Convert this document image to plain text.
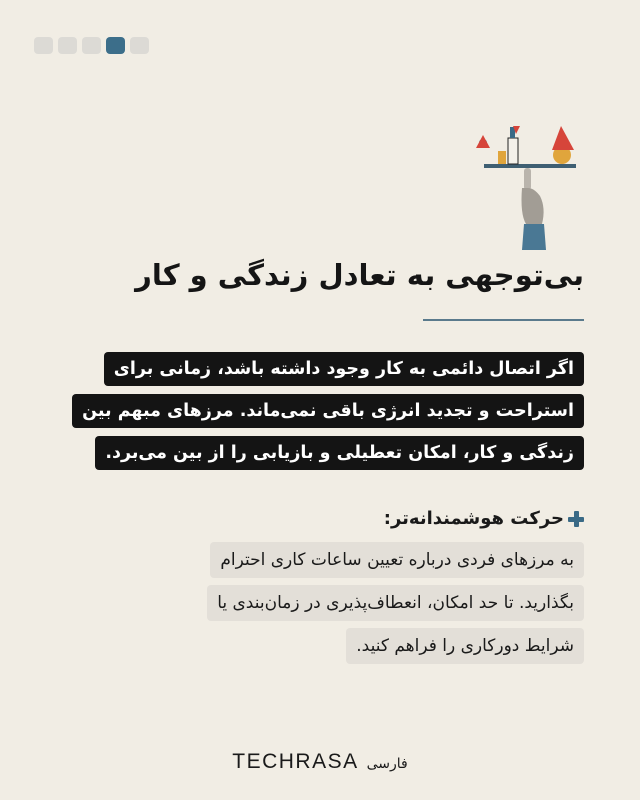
بی‌توجهی به تعادل زندگی و کار
اگر اتصال دائمی به کار وجود داشته باشد، زمانی برای
استراحت و تجدید انرژی باقی نمی‌ماند. مرزهای مبهم بین
زندگی و کار، امکان تعطیلی و بازیابی را از بین می‌برد.
حرکت هوشمندانه‌تر:
به مرزهای فردی درباره تعیین ساعات کاری احترام
بگذارید. تا حد امکان، انعطاف‌پذیری در زمان‌بندی یا
شرایط دورکاری را فراهم کنید.
TECHRASA فارسی
